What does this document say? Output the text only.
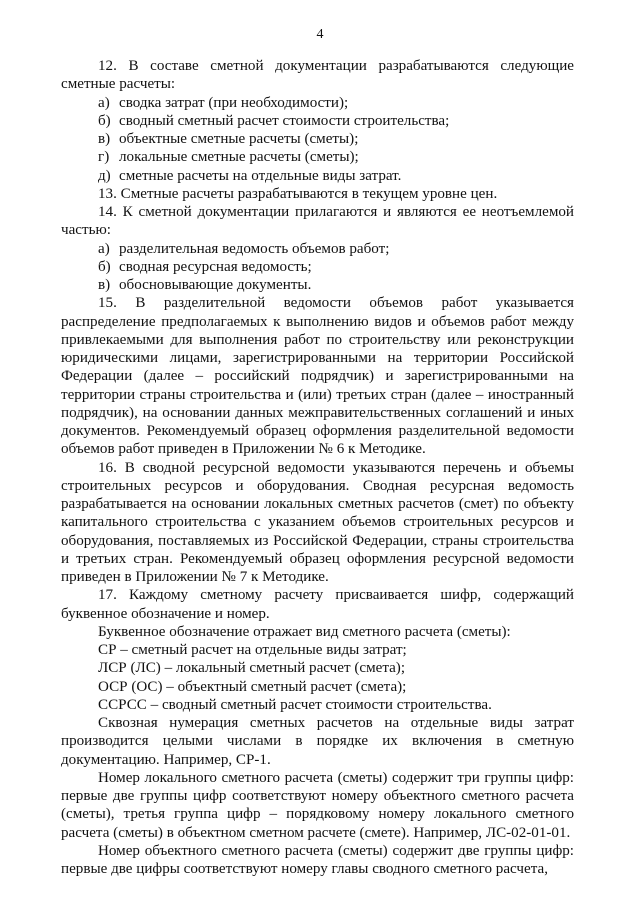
4

12. В составе сметной документации разрабатываются следующие сметные расчеты:

а) сводка затрат (при необходимости);

б) сводный сметный расчет стоимости строительства;

в) объектные сметные расчеты (сметы);

г) локальные сметные расчеты (сметы);

д) сметные расчеты на отдельные виды затрат.

13. Сметные расчеты разрабатываются в текущем уровне цен.

14. К сметной документации прилагаются и являются ее неотъемлемой частью:

а) разделительная ведомость объемов работ;

б) сводная ресурсная ведомость;

в) обосновывающие документы.

15. В разделительной ведомости объемов работ указывается распределение предполагаемых к выполнению видов и объемов работ между привлекаемыми для выполнения работ по строительству или реконструкции юридическими лицами, зарегистрированными на территории Российской Федерации (далее – российский подрядчик) и зарегистрированными на территории страны строительства и (или) третьих стран (далее – иностранный подрядчик), на основании данных межправительственных соглашений и иных документов. Рекомендуемый образец оформления разделительной ведомости объемов работ приведен в Приложении № 6 к Методике.

16. В сводной ресурсной ведомости указываются перечень и объемы строительных ресурсов и оборудования. Сводная ресурсная ведомость разрабатывается на основании локальных сметных расчетов (смет) по объекту капитального строительства с указанием объемов строительных ресурсов и оборудования, поставляемых из Российской Федерации, страны строительства и третьих стран. Рекомендуемый образец оформления ресурсной ведомости приведен в Приложении № 7 к Методике.

17. Каждому сметному расчету присваивается шифр, содержащий буквенное обозначение и номер.

Буквенное обозначение отражает вид сметного расчета (сметы):

СР – сметный расчет на отдельные виды затрат;

ЛСР (ЛС) – локальный сметный расчет (смета);

ОСР (ОС) – объектный сметный расчет (смета);

ССРСС – сводный сметный расчет стоимости строительства.

Сквозная нумерация сметных расчетов на отдельные виды затрат производится целыми числами в порядке их включения в сметную документацию. Например, СР-1.

Номер локального сметного расчета (сметы) содержит три группы цифр: первые две группы цифр соответствуют номеру объектного сметного расчета (сметы), третья группа цифр – порядковому номеру локального сметного расчета (сметы) в объектном сметном расчете (смете). Например, ЛС-02-01-01.

Номер объектного сметного расчета (сметы) содержит две группы цифр: первые две цифры соответствуют номеру главы сводного сметного расчета,
